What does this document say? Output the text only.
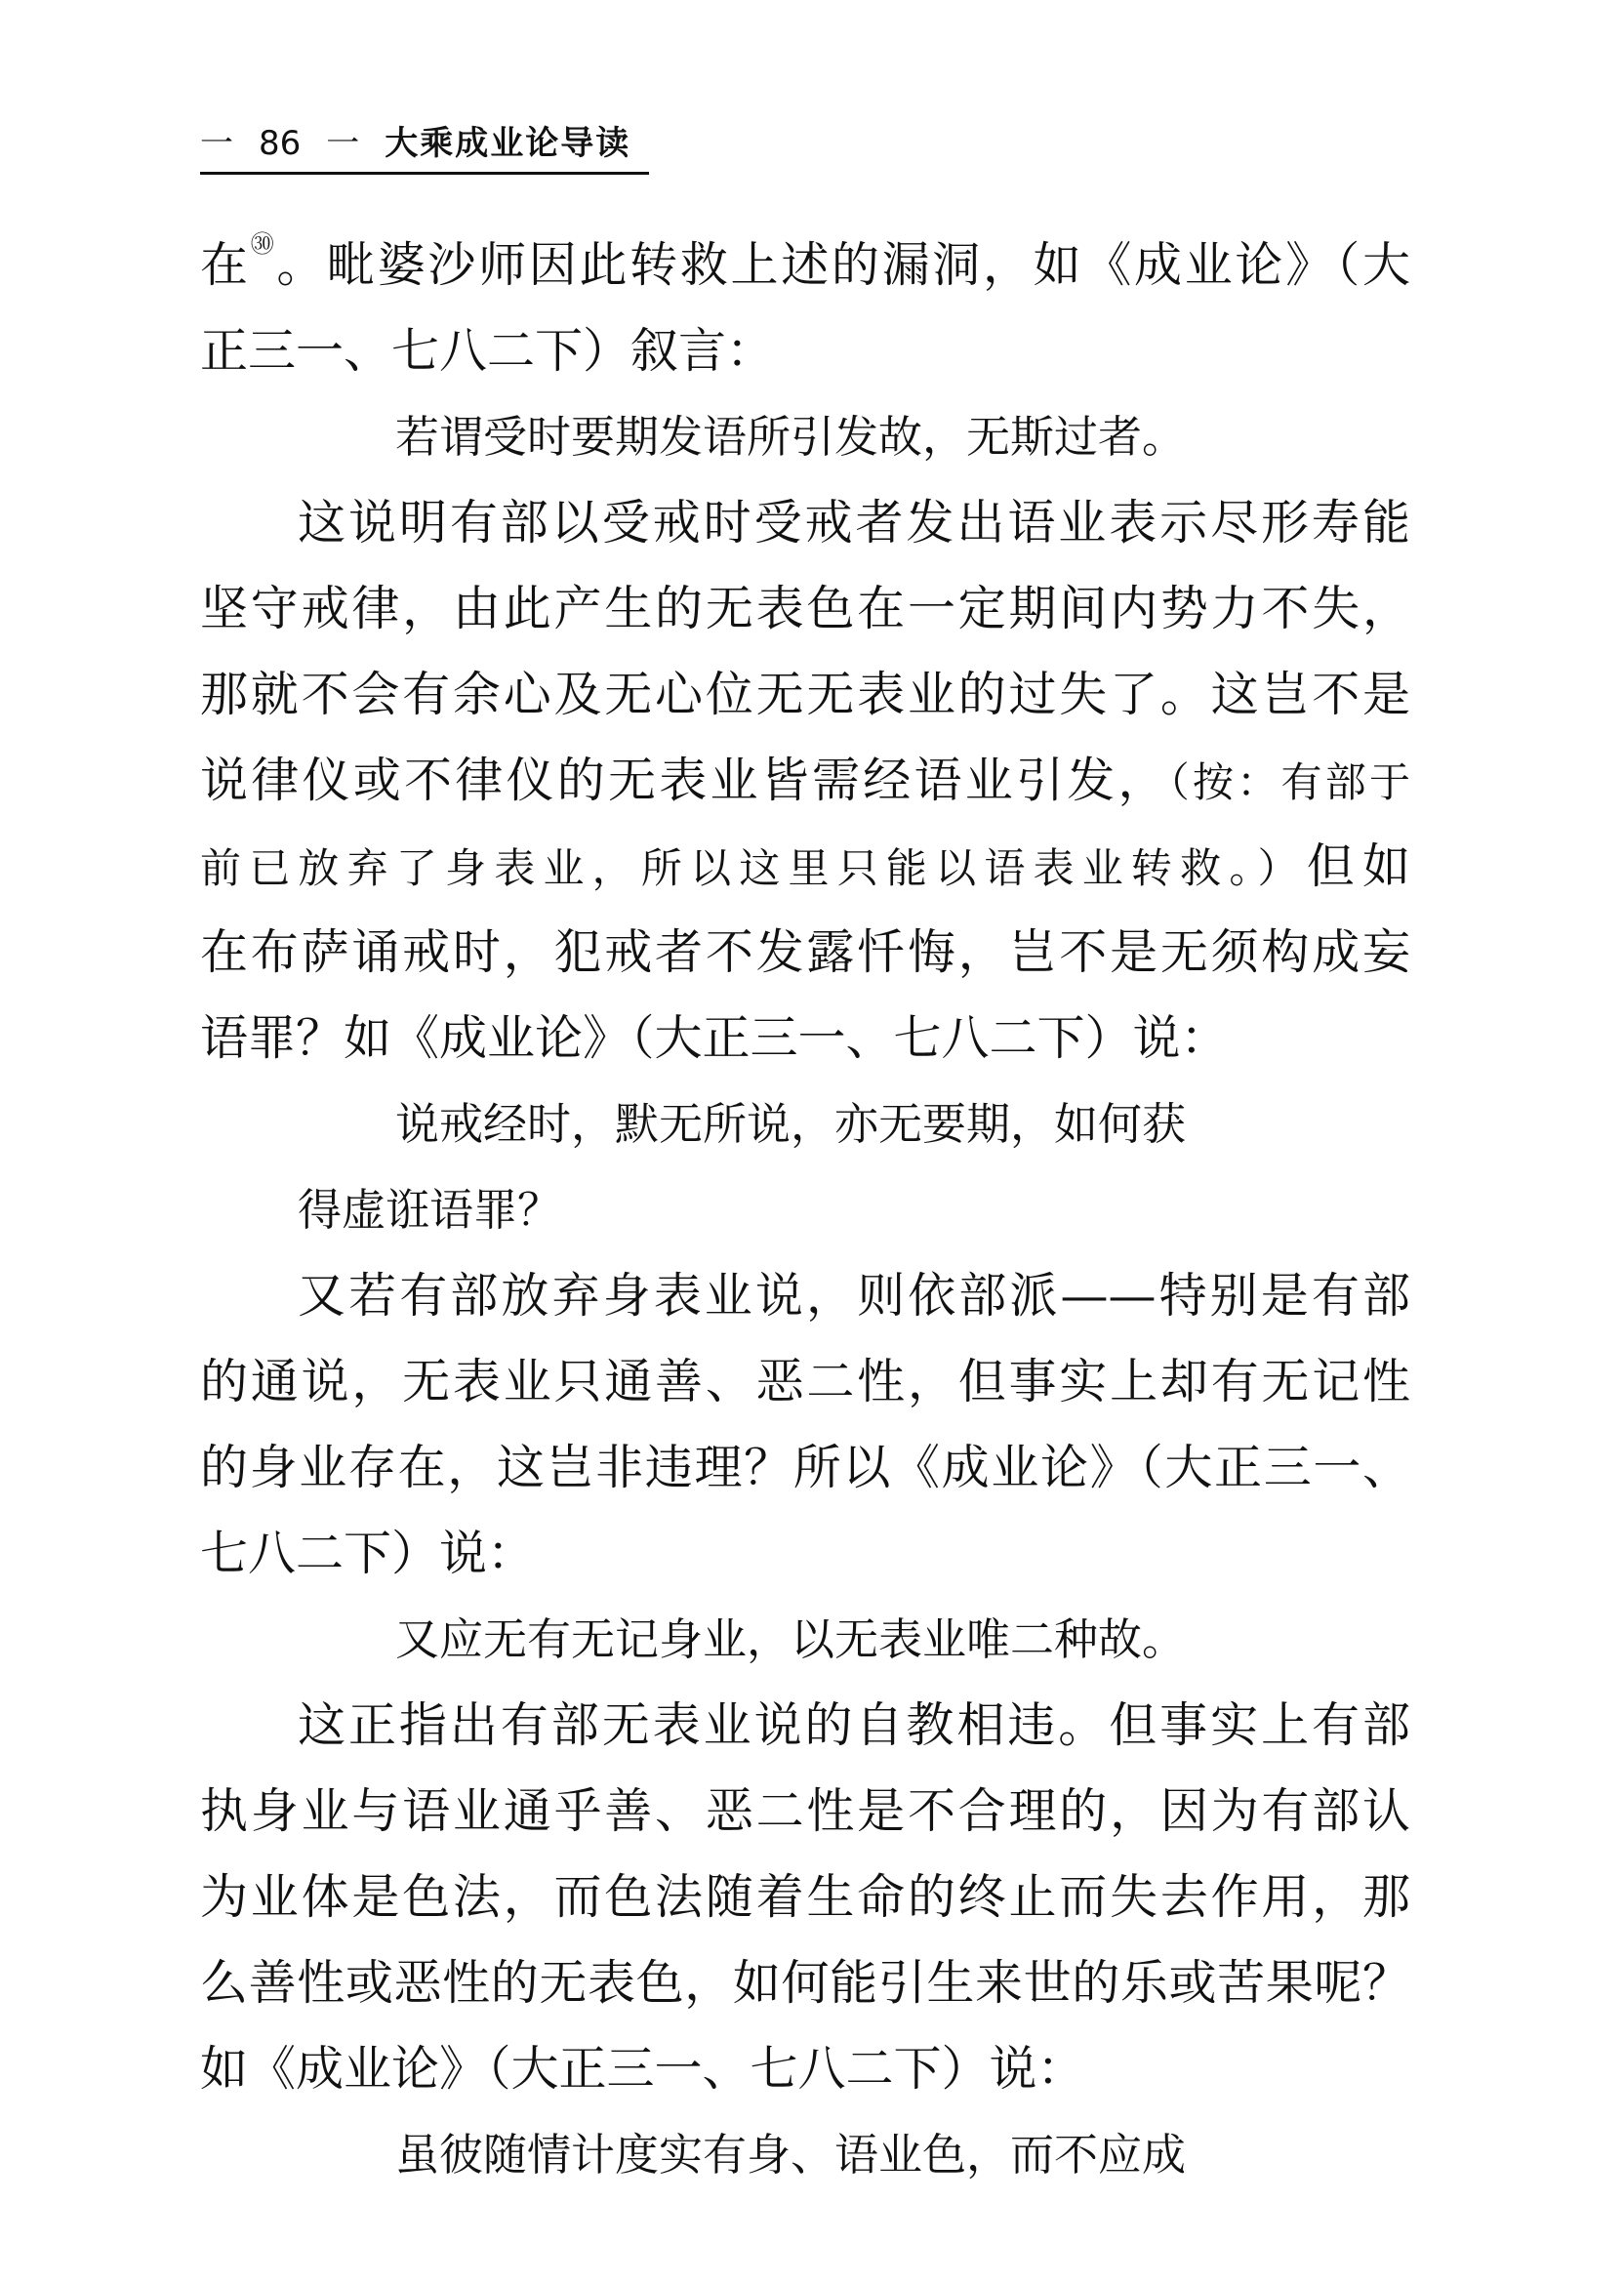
一 86 一 大乘成业论导读
在$^㉚$。毗婆沙师因此转救上述的漏洞，如《成业论》（大
正三一、七八二下）叙言：
若谓受时要期发语所引发故，无斯过者。
这说明有部以受戒时受戒者发出语业表示尽形寿能
坚守戒律，由此产生的无表色在一定期间内势力不失，
那就不会有余心及无心位无无表业的过失了。这岂不是
说律仪或不律仪的无表业皆需经语业引发，（按：有部于
前已放弃了身表业，所以这里只能以语表业转救。）但如
在布萨诵戒时，犯戒者不发露忏悔，岂不是无须构成妄
语罪？如《成业论》（大正三一、七八二下）说：
说戒经时，默无所说，亦无要期，如何获
得虚诳语罪？
又若有部放弃身表业说，则依部派——特别是有部
的通说，无表业只通善、恶二性，但事实上却有无记性
的身业存在，这岂非违理？所以《成业论》（大正三一、
七八二下）说：
又应无有无记身业，以无表业唯二种故。
这正指出有部无表业说的自教相违。但事实上有部
执身业与语业通乎善、恶二性是不合理的，因为有部认
为业体是色法，而色法随着生命的终止而失去作用，那
么善性或恶性的无表色，如何能引生来世的乐或苦果呢？
如《成业论》（大正三一、七八二下）说：
虽彼随情计度实有身、语业色，而不应成
